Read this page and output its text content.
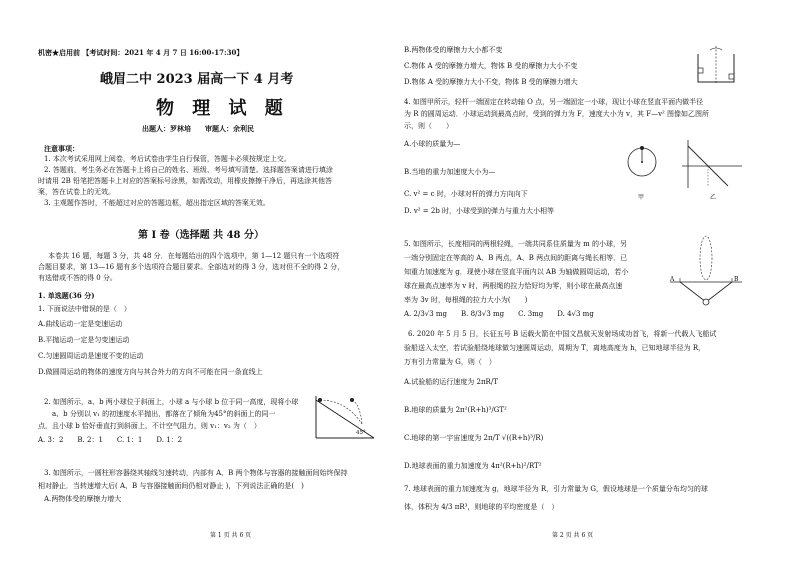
机密★启用前 【考试时间：2021 年 4 月 7 日 16:00-17:30】
峨眉二中 2023 届高一下 4 月考
物 理 试 题
出题人：罗林培　　审题人：余利民
注意事项：
1. 本次考试采用网上阅卷，考后试卷由学生自行保管，答题卡必须按规定上交。
2. 答题前，考生务必在答题卡上将自己的姓名、班级、考号填写清楚。选择题答案请进行填涂
时请用 2B 铅笔把答题卡上对应的答案标号涂黑，如需改动，用橡皮擦擦干净后，再选涂其他答
案，答在试卷上的无效。
3. 主观题作答时，不能超过对应的答题边框，超出指定区域的答案无效。
第 I 卷（选择题 共 48 分）
本卷共 16 题，每题 3 分，共 48 分．在每题给出的四个选项中，第 1—12 题只有一个选项符
合题目要求，第 13—16 题有多个选项符合题目要求。全部选对的得 3 分，选对但不全的得 2 分，
有选错或不答的得 0 分。
1. 单选题(36 分)
1. 下面说法中错误的是（　）
A.曲线运动一定是变速运动
B.平抛运动一定是匀变速运动
C.匀速圆周运动是速度不变的运动
D.做圆周运动的物体的速度方向与其合外力的方向不可能在同一条直线上
2. 如图所示，a、b 两小球位于斜面上，小球 a 与小球 b 位于同一高度，现将小球
a、b 分别以 v₁ 的初速度水平抛出，都落在了倾角为45°的斜面上的同一
点，且小球 b 恰好垂直打到斜面上，不计空气阻力，则 v₁：v₂ 为（　）
A. 3：2　　B. 2：1　　C. 1：1　　D. 1：2
45°
3. 如图所示，一圆柱形容器绕其轴线匀速转动，内部有 A、B 两个物体与容器的接触面间始终保持
相对静止．当转速增大后( A、B 与容器接触面间仍相对静止 )，下列说法正确的是(　)
A.两物体受的摩擦力增大
第 1 页 共 6 页
B.两物体受的摩擦力大小都不变
C.物体 A 受的摩擦力增大，物体 B 受的摩擦力大小不变
D.物体 A 受的摩擦力大小不变，物体 B 受的摩擦力增大
4. 如图甲所示，轻杆一端固定在转动轴 O 点，另一端固定一小球，现让小球在竖直平面内做半径
为 R 的圆周运动．小球运动到最高点时，受到的弹力为 F，速度大小为 v，其 F—v² 图像如乙图所
示，则（　　）
A.小球的质量为—
B.当地的重力加速度大小为—
C. v² = c 时，小球对杆的弹力方向向下
D. v² = 2b 时，小球受到的弹力与重力大小相等
甲	乙
5. 如图所示，长度相同的两根轻绳，一端共同系住质量为 m 的小球，另
一端分别固定在等高的 A、B 两点，A、B 两点间的距离与绳长相等．已
知重力加速度为 g．现使小球在竖直平面内以 AB 为轴做圆周运动，若小
球在最高点速率为 v 时，两根绳的拉力恰好均为零，则小球在最高点速
率为 3v 时，每根绳的拉力大小为(　　)
A. 2/3√3 mg　　B. 8/3√3 mg　　C. 3mg　　D. 4√3 mg
A	B
6. 2020 年 5 月 5 日，长征五号 B 运载火箭在中国文昌航天发射场成功首飞，将新一代载人飞船试
验船送入太空，若试验船绕地球做匀速圆周运动，周期为 T，离地高度为 h，已知地球半径为 R，
万有引力常量为 G，则（　）
A.试验船的运行速度为 2πR/T
B.地球的质量为 2π²(R+h)³/GT²
C.地球的第一宇宙速度为 2π/T √((R+h)³/R)
D.地球表面的重力加速度为 4π²(R+h)²/RT²
7. 地球表面的重力加速度为 g，地球半径为 R，引力常量为 G，假设地球是一个质量分布均匀的球
体，体积为 4/3 πR³，则地球的平均密度是（　）
第 2 页 共 6 页
